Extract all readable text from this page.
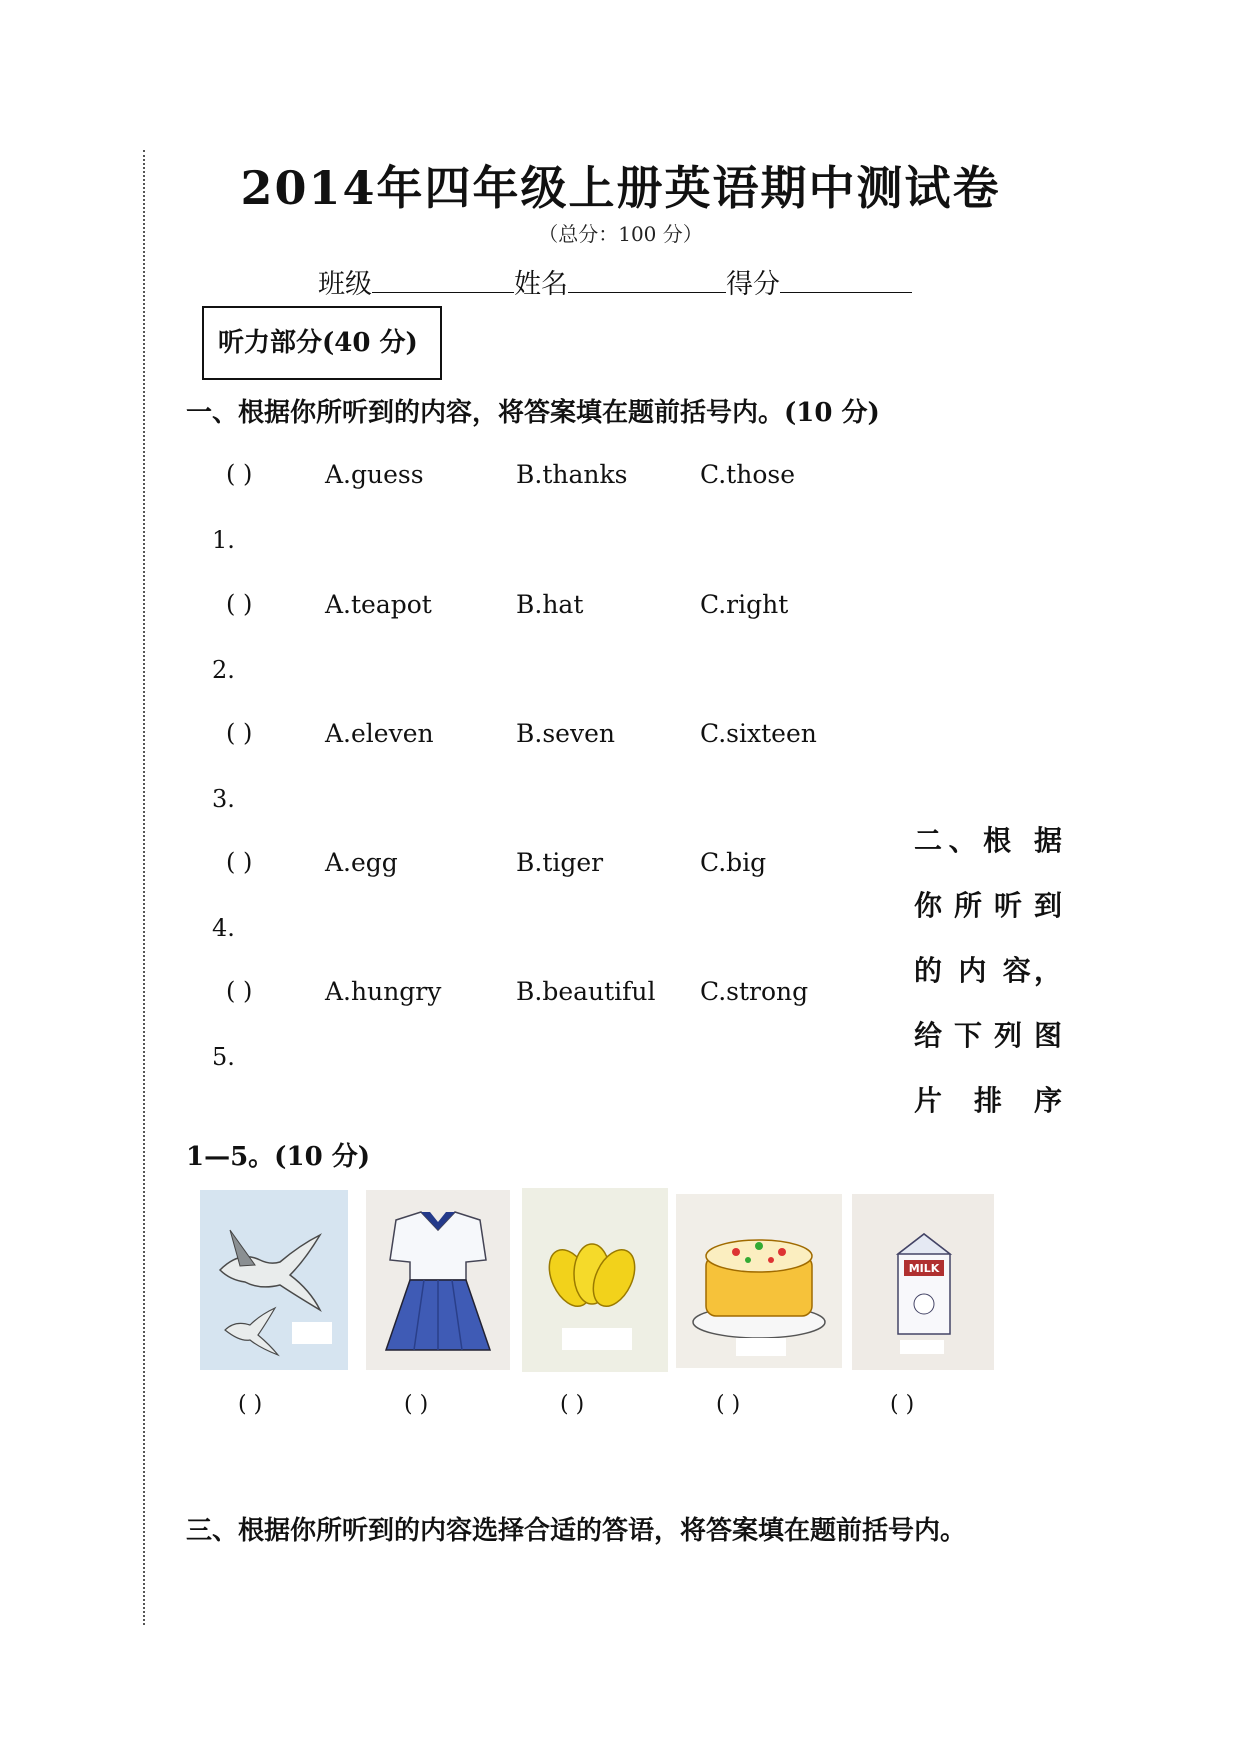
2014年四年级上册英语期中测试卷
（总分：100 分）
班级	姓名	得分
听力部分(40 分)
一、根据你所听到的内容，将答案填在题前括号内。(10 分)
( )	A.guess	B.thanks	C.those
1.
( )	A.teapot	B.hat	C.right
2.
( )	A.eleven	B.seven	C.sixteen
3.
( )	A.egg	B.tiger	C.big
4.
( )	A.hungry	B.beautiful C.strong
5.
二、根 据
你 所 听 到
的 内 容，
给 下 列 图
片 排 序
1—5。(10 分)
MILK
( )	( )	( )	( )	( )
三、根据你所听到的内容选择合适的答语，将答案填在题前括号内。
